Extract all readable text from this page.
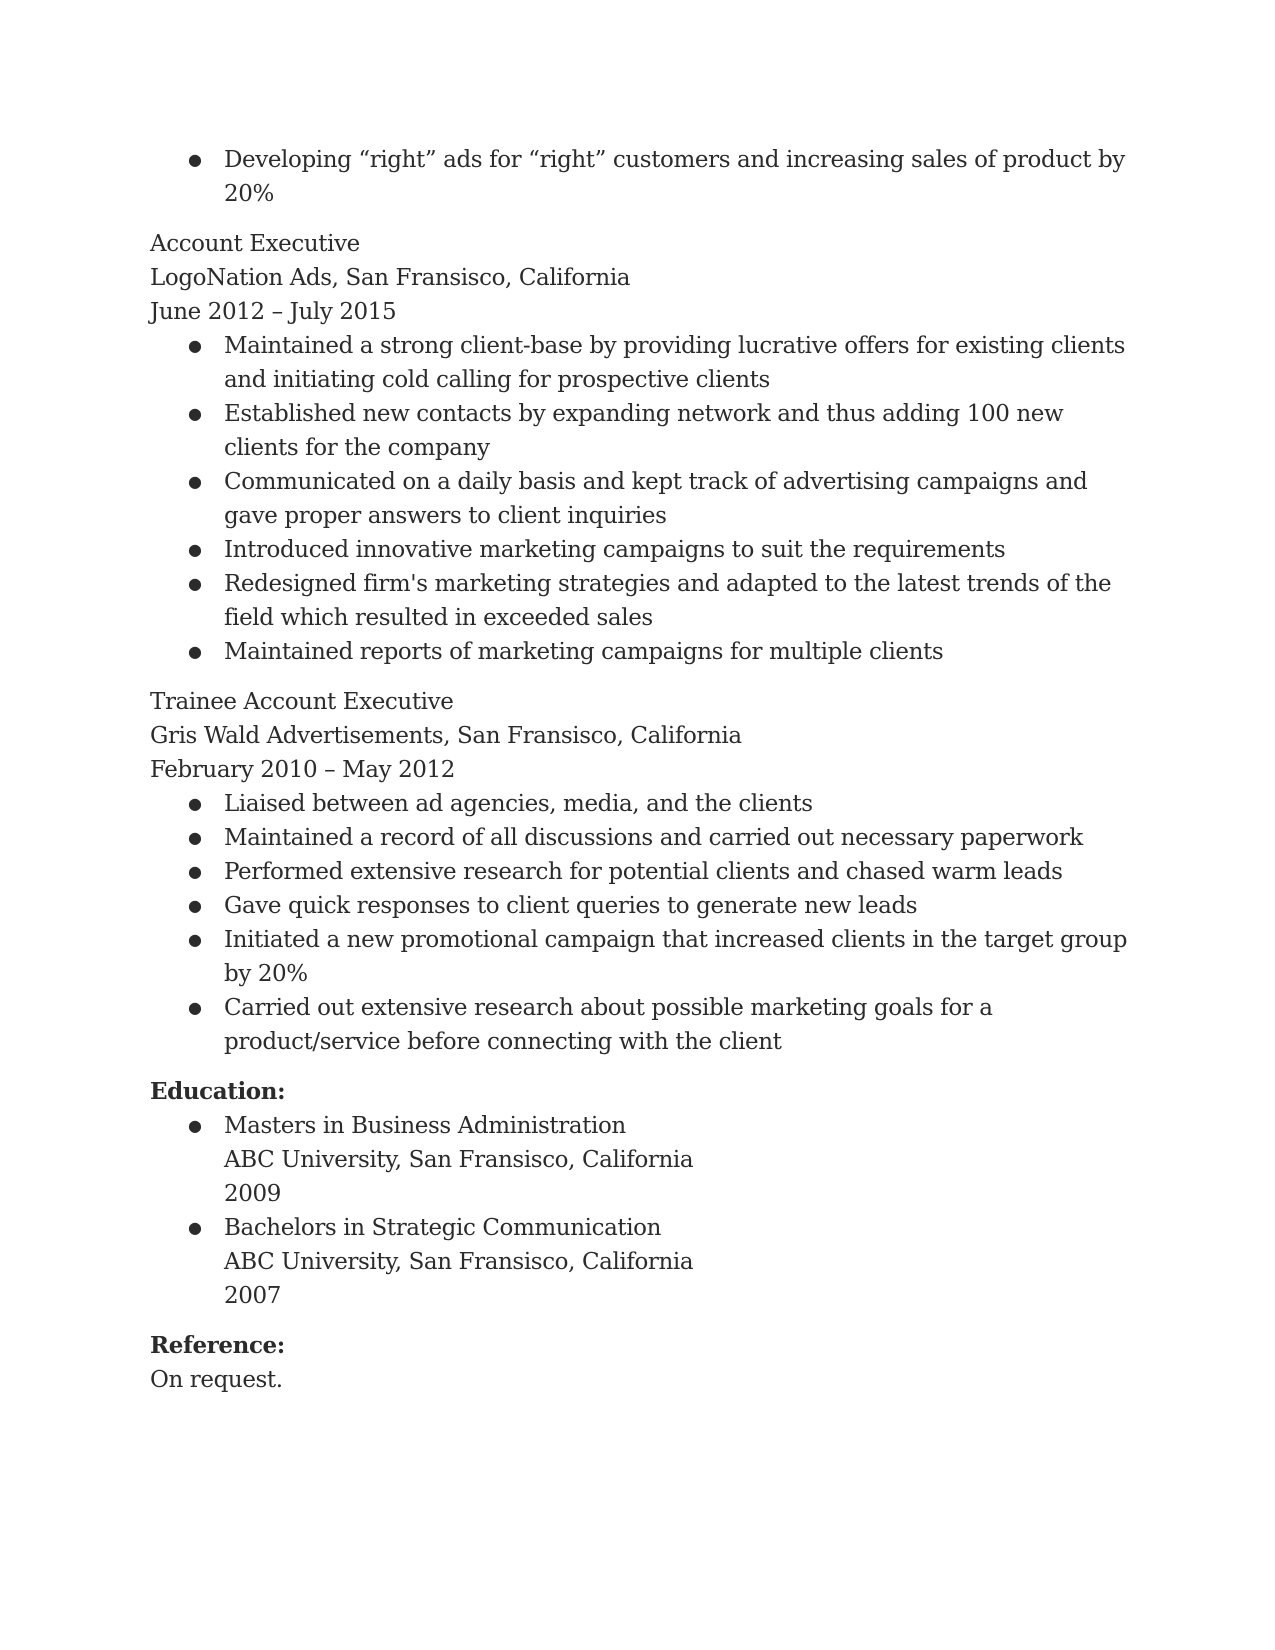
● Developing “right” ads for “right” customers and increasing sales of product by 20%
Account Executive
LogoNation Ads, San Fransisco, California
June 2012 – July 2015
● Maintained a strong client-base by providing lucrative offers for existing clients and initiating cold calling for prospective clients
● Established new contacts by expanding network and thus adding 100 new clients for the company
● Communicated on a daily basis and kept track of advertising campaigns and gave proper answers to client inquiries
● Introduced innovative marketing campaigns to suit the requirements
● Redesigned firm's marketing strategies and adapted to the latest trends of the field which resulted in exceeded sales
● Maintained reports of marketing campaigns for multiple clients
Trainee Account Executive
Gris Wald Advertisements, San Fransisco, California
February 2010 – May 2012
● Liaised between ad agencies, media, and the clients
● Maintained a record of all discussions and carried out necessary paperwork
● Performed extensive research for potential clients and chased warm leads
● Gave quick responses to client queries to generate new leads
● Initiated a new promotional campaign that increased clients in the target group by 20%
● Carried out extensive research about possible marketing goals for a product/service before connecting with the client
Education:
● Masters in Business Administration
ABC University, San Fransisco, California
2009
● Bachelors in Strategic Communication
ABC University, San Fransisco, California
2007
Reference:
On request.
